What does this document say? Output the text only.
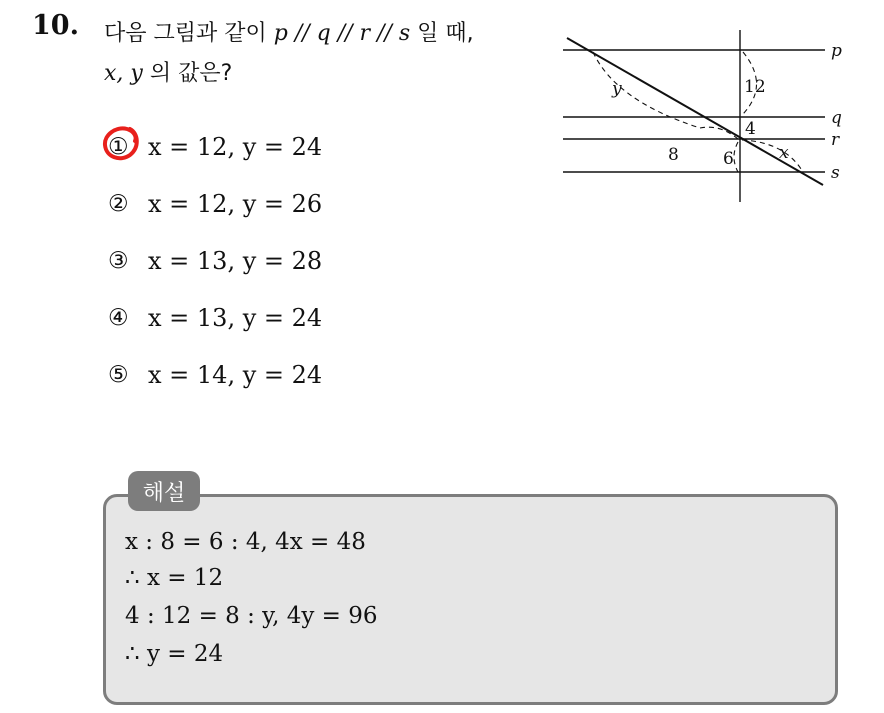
10. 다음 그림과 같이 p // q // r // s 일 때,
x, y 의 값은?
① x = 12, y = 24
② x = 12, y = 26
③ x = 13, y = 28
④ x = 13, y = 24
⑤ x = 14, y = 24
p
q
r
s
12
4
8	6	x
y
해설
x : 8 = 6 : 4, 4x = 48
∴ x = 12
4 : 12 = 8 : y, 4y = 96
∴ y = 24
